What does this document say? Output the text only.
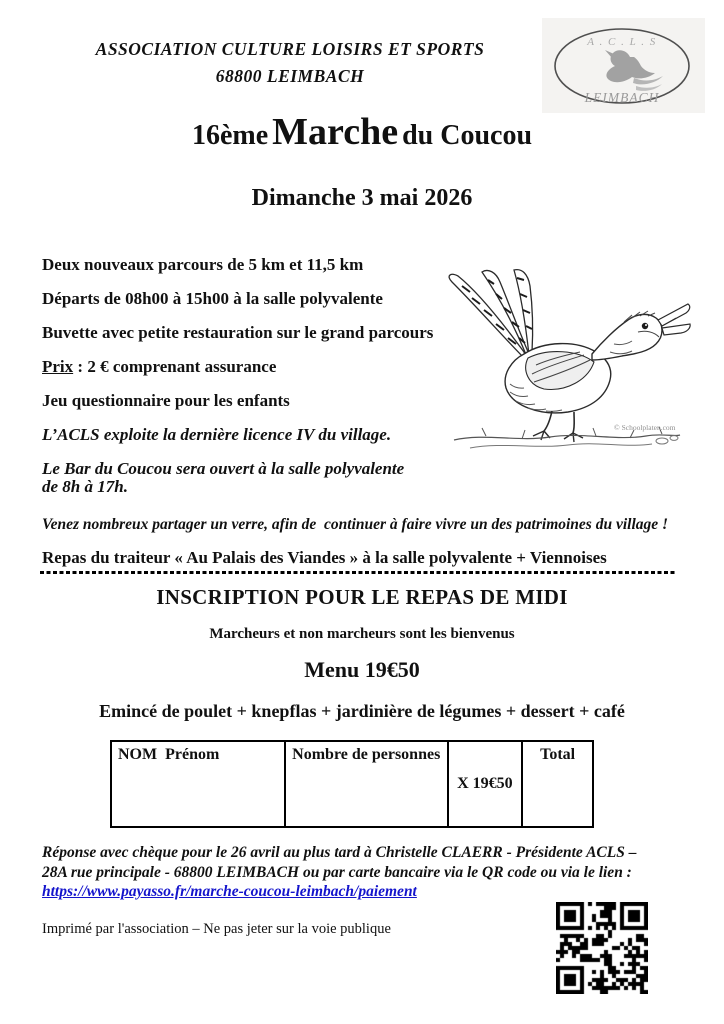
ASSOCIATION CULTURE LOISIRS ET SPORTS
68800 LEIMBACH
A . C . L . S
LEIMBACH
16ème Marche du Coucou
Dimanche 3 mai 2026

Deux nouveaux parcours de 5 km et 11,5 km

Départs de 08h00 à 15h00 à la salle polyvalente

Buvette avec petite restauration sur le grand parcours

Prix : 2 € comprenant assurance

Jeu questionnaire pour les enfants

L’ACLS exploite la dernière licence IV du village.

Le Bar du Coucou sera ouvert à la salle polyvalente
de 8h à 17h.

Venez nombreux partager un verre, afin de  continuer à faire vivre un des patrimoines du village !

Repas du traiteur « Au Palais des Viandes » à la salle polyvalente + Viennoises

© Schoolplaten.com
INSCRIPTION POUR LE REPAS DE MIDI
Marcheurs et non marcheurs sont les bienvenus
Menu 19€50
Emincé de poulet + knepflas + jardinière de légumes + dessert + café
NOM  Prénom	Nombre de personnes	X 19€50	Total
Réponse avec chèque pour le 26 avril au plus tard à Christelle CLAERR - Présidente ACLS –
28A rue principale - 68800 LEIMBACH ou par carte bancaire via le QR code ou via le lien :
https://www.payasso.fr/marche-coucou-leimbach/paiement
Imprimé par l'association – Ne pas jeter sur la voie publique
